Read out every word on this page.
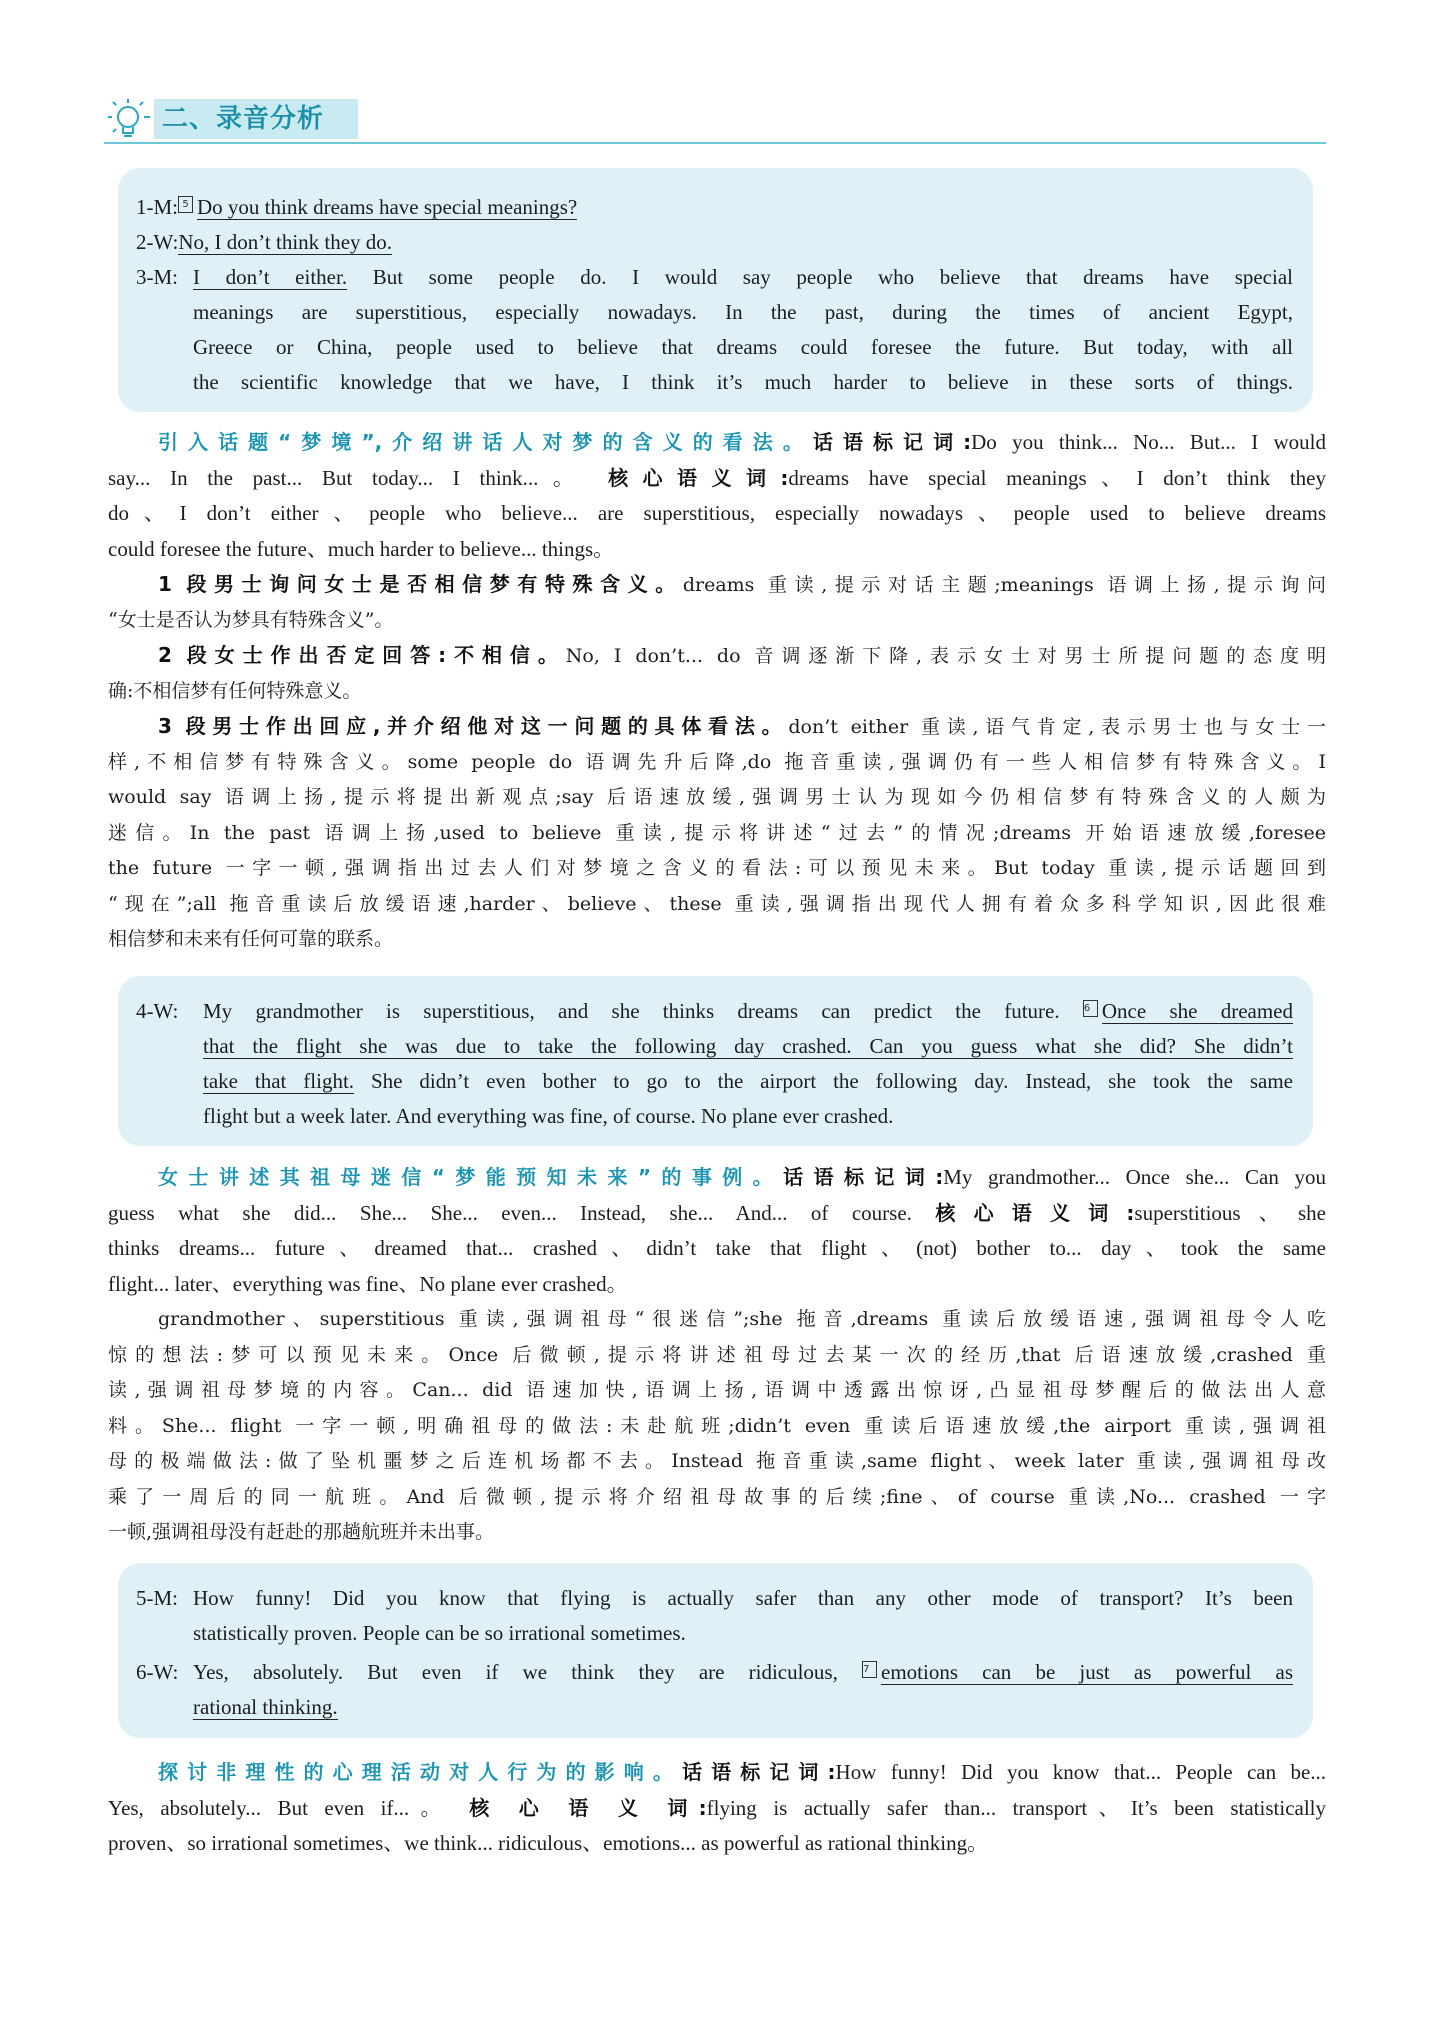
二、录音分析
1-M: 5 Do you think dreams have special meanings?
2-W:No, I don’t think they do.
3-M: I don’t either. But some people do. I would say people who believe that dreams have special
meanings are superstitious, especially nowadays. In the past, during the times of ancient Egypt,
Greece or China, people used to believe that dreams could foresee the future. But today, with all
the scientific knowledge that we have, I think it’s much harder to believe in these sorts of things.
引入话题“梦境”,介绍讲话人对梦的含义的看法。话语标记词:Do you think... No... But... I would
say... In the past... But today... I think...。 核心语义词:dreams have special meanings、I don’t think they
do、I don’t either、people who believe... are superstitious, especially nowadays、people used to believe dreams
could foresee the future、much harder to believe... things。
1 段男士询问女士是否相信梦有特殊含义。dreams 重读,提示对话主题;meanings 语调上扬,提示询问
“女士是否认为梦具有特殊含义”。
2 段女士作出否定回答:不相信。No, I don’t... do 音调逐渐下降,表示女士对男士所提问题的态度明
确:不相信梦有任何特殊意义。
3 段男士作出回应,并介绍他对这一问题的具体看法。don’t either 重读,语气肯定,表示男士也与女士一
样,不相信梦有特殊含义。some people do 语调先升后降,do 拖音重读,强调仍有一些人相信梦有特殊含义。I
would say 语调上扬,提示将提出新观点;say 后语速放缓,强调男士认为现如今仍相信梦有特殊含义的人颇为
迷信。In the past 语调上扬,used to believe 重读,提示将讲述“过去”的情况;dreams 开始语速放缓,foresee
the future 一字一顿,强调指出过去人们对梦境之含义的看法:可以预见未来。But today 重读,提示话题回到
“现在”;all 拖音重读后放缓语速,harder、believe、these 重读,强调指出现代人拥有着众多科学知识,因此很难
相信梦和未来有任何可靠的联系。
4-W: My grandmother is superstitious, and she thinks dreams can predict the future. 6 Once she dreamed
that the flight she was due to take the following day crashed. Can you guess what she did? She didn’t
take that flight. She didn’t even bother to go to the airport the following day. Instead, she took the same
flight but a week later. And everything was fine, of course. No plane ever crashed.
女士讲述其祖母迷信“梦能预知未来”的事例。话语标记词:My grandmother... Once she... Can you
guess what she did... She... She... even... Instead, she... And... of course. 核心语义词:superstitious、she
thinks dreams... future、dreamed that... crashed、didn’t take that flight、(not) bother to... day、took the same
flight... later、everything was fine、No plane ever crashed。
grandmother、superstitious 重读,强调祖母“很迷信”;she 拖音,dreams 重读后放缓语速,强调祖母令人吃
惊的想法:梦可以预见未来。Once 后微顿,提示将讲述祖母过去某一次的经历,that 后语速放缓,crashed 重
读,强调祖母梦境的内容。Can... did 语速加快,语调上扬,语调中透露出惊讶,凸显祖母梦醒后的做法出人意
料。She... flight 一字一顿,明确祖母的做法:未赴航班;didn’t even 重读后语速放缓,the airport 重读,强调祖
母的极端做法:做了坠机噩梦之后连机场都不去。Instead 拖音重读,same flight、week later 重读,强调祖母改
乘了一周后的同一航班。And 后微顿,提示将介绍祖母故事的后续;fine、of course 重读,No... crashed 一字
一顿,强调祖母没有赶赴的那趟航班并未出事。
5-M: How funny! Did you know that flying is actually safer than any other mode of transport? It’s been
statistically proven. People can be so irrational sometimes.
6-W: Yes, absolutely. But even if we think they are ridiculous,	7 emotions can be just as powerful as
rational thinking.
探讨非理性的心理活动对人行为的影响。话语标记词:How funny! Did you know that... People can be...
Yes, absolutely... But even if...。 核 心 语 义 词:flying is actually safer than... transport、It’s been statistically
proven、so irrational sometimes、we think... ridiculous、emotions... as powerful as rational thinking。
